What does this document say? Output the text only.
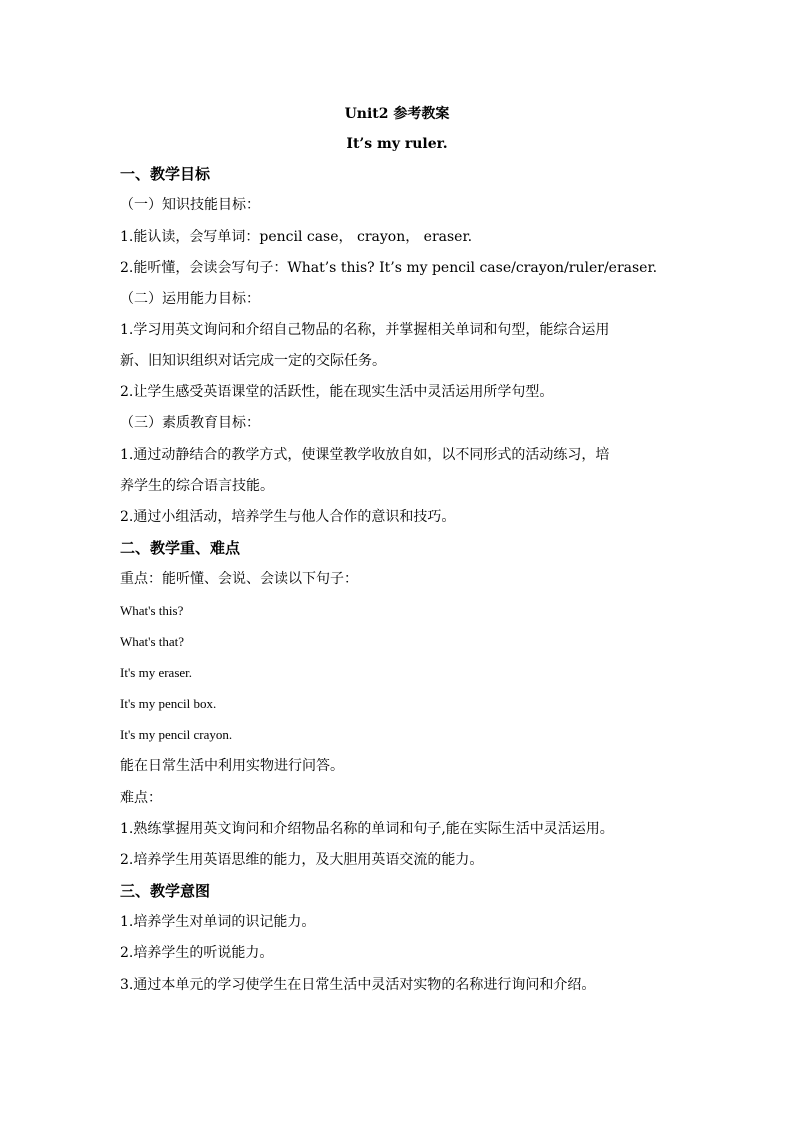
Unit2 参考教案
It’s my ruler.
一、教学目标
（一）知识技能目标：
1.能认读，会写单词：pencil case， crayon， eraser.
2.能听懂，会读会写句子：What’s this? It’s my pencil case/crayon/ruler/eraser.
（二）运用能力目标：
1.学习用英文询问和介绍自己物品的名称，并掌握相关单词和句型，能综合运用
新、旧知识组织对话完成一定的交际任务。
2.让学生感受英语课堂的活跃性，能在现实生活中灵活运用所学句型。
（三）素质教育目标：
1.通过动静结合的教学方式，使课堂教学收放自如，以不同形式的活动练习，培
养学生的综合语言技能。
2.通过小组活动，培养学生与他人合作的意识和技巧。
二、教学重、难点
重点：能听懂、会说、会读以下句子：
What's this?
What's that?
It's my eraser.
It's my pencil box.
It's my pencil crayon.
能在日常生活中利用实物进行问答。
难点：
1.熟练掌握用英文询问和介绍物品名称的单词和句子,能在实际生活中灵活运用。
2.培养学生用英语思维的能力，及大胆用英语交流的能力。
三、教学意图
1.培养学生对单词的识记能力。
2.培养学生的听说能力。
3.通过本单元的学习使学生在日常生活中灵活对实物的名称进行询问和介绍。
